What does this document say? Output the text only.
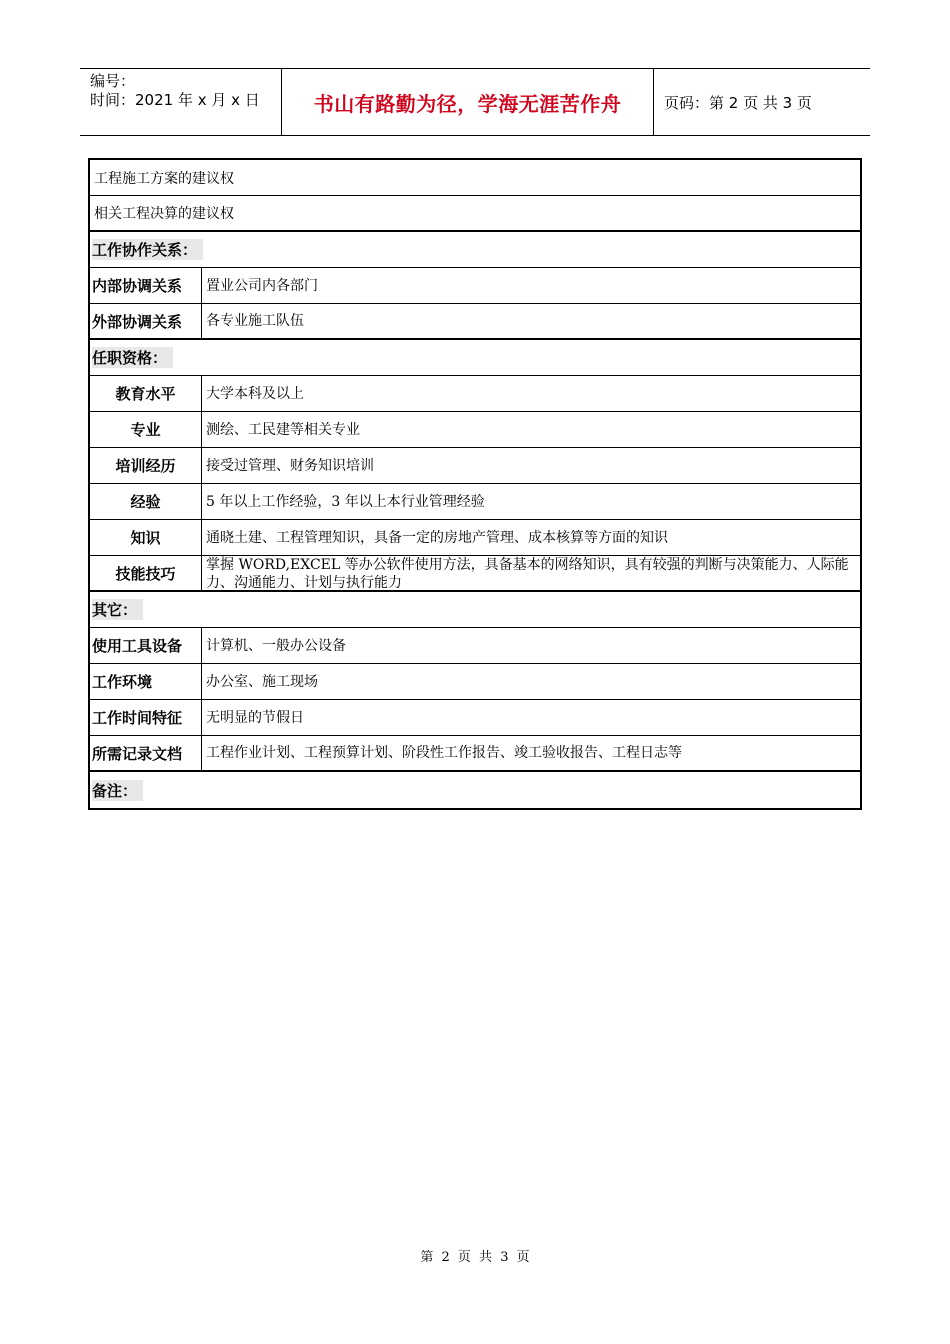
编号：
时间：2021 年 x 月 x 日	书山有路勤为径，学海无涯苦作舟	页码：第 2 页 共 3 页
工程施工方案的建议权
相关工程决算的建议权
工作协作关系：
内部协调关系	置业公司内各部门
外部协调关系	各专业施工队伍
任职资格：
教育水平	大学本科及以上
专业	测绘、工民建等相关专业
培训经历	接受过管理、财务知识培训
经验	5 年以上工作经验，3 年以上本行业管理经验
知识	通晓土建、工程管理知识，具备一定的房地产管理、成本核算等方面的知识
技能技巧	掌握 WORD,EXCEL 等办公软件使用方法，具备基本的网络知识，具有较强的判断与决策能力、人际能力、沟通能力、计划与执行能力
其它：
使用工具设备	计算机、一般办公设备
工作环境	办公室、施工现场
工作时间特征	无明显的节假日
所需记录文档	工程作业计划、工程预算计划、阶段性工作报告、竣工验收报告、工程日志等
备注：
第 2 页 共 3 页
